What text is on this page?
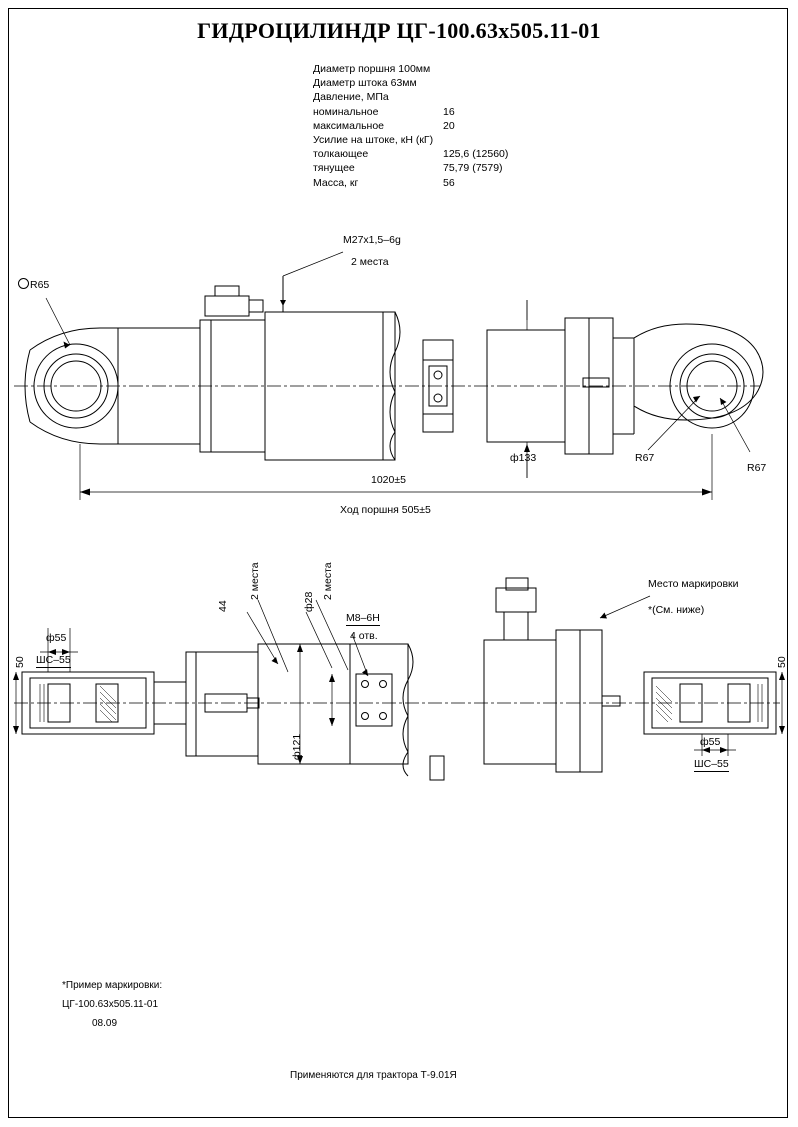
ГИДРОЦИЛИНДР ЦГ-100.63х505.11-01
Диаметр поршня 100мм
Диаметр штока 63мм
Давление, МПа
номинальное	16
максимальное	20
Усилие на штоке, кН (кГ)
толкающее	125,6 (12560)
тянущее	75,79 (7579)
Масса, кг	56
М27х1,5–6g
2 места
R65
R67
R67
ф133
1020±5
Ход поршня 505±5
44
2 места
ф28
2 места
М8–6Н
4 отв.
ф121
ф55
ШС–55
50
ф55
ШС–55
50
Место маркировки
*(См. ниже)
*Пример маркировки:
ЦГ-100.63х505.11-01
08.09
Применяются для трактора Т-9.01Я
